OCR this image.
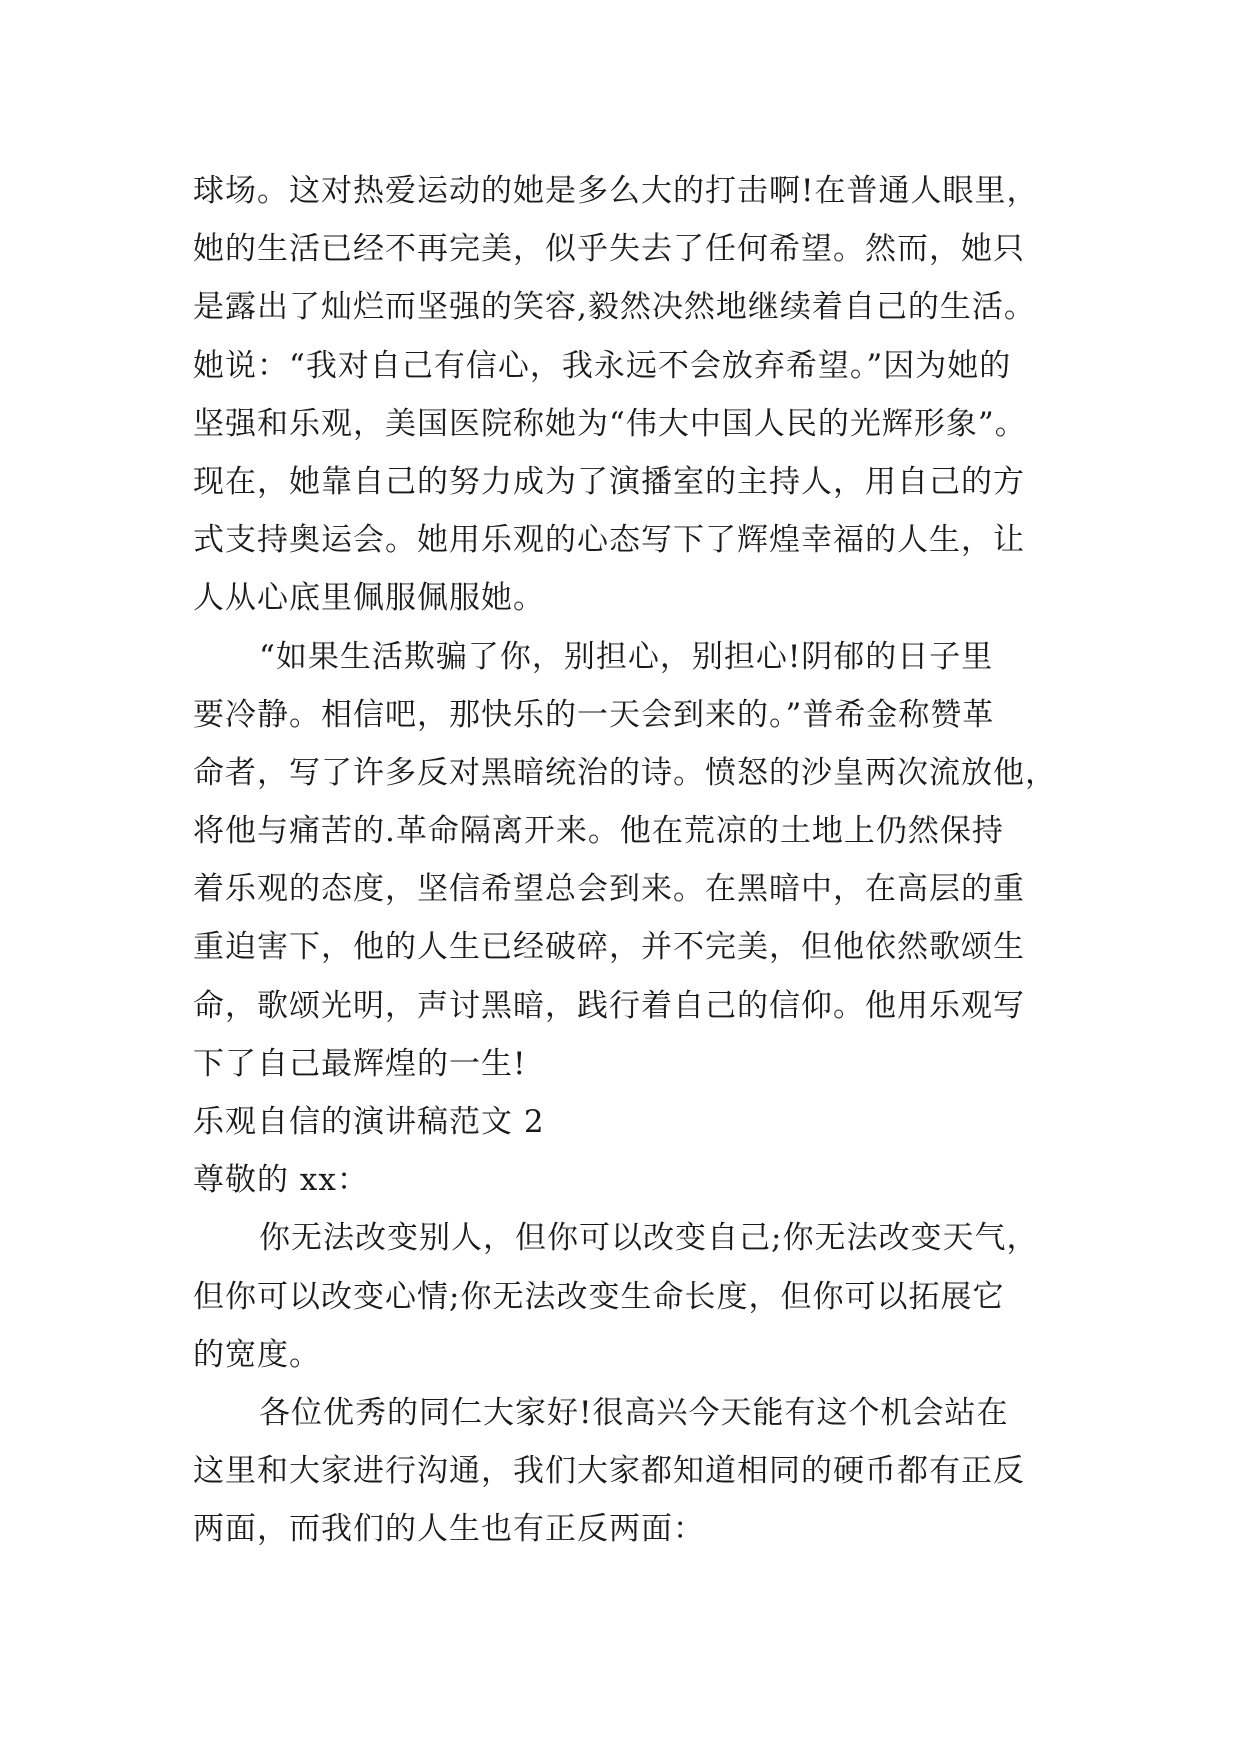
球场。这对热爱运动的她是多么大的打击啊!在普通人眼里，
她的生活已经不再完美，似乎失去了任何希望。然而，她只
是露出了灿烂而坚强的笑容,毅然决然地继续着自己的生活。
她说：“我对自己有信心，我永远不会放弃希望。”因为她的
坚强和乐观，美国医院称她为“伟大中国人民的光辉形象”。
现在，她靠自己的努力成为了演播室的主持人，用自己的方
式支持奥运会。她用乐观的心态写下了辉煌幸福的人生，让
人从心底里佩服佩服她。
“如果生活欺骗了你，别担心，别担心!阴郁的日子里
要冷静。相信吧，那快乐的一天会到来的。”普希金称赞革
命者，写了许多反对黑暗统治的诗。愤怒的沙皇两次流放他，
将他与痛苦的.革命隔离开来。他在荒凉的土地上仍然保持
着乐观的态度，坚信希望总会到来。在黑暗中，在高层的重
重迫害下，他的人生已经破碎，并不完美，但他依然歌颂生
命，歌颂光明，声讨黑暗，践行着自己的信仰。他用乐观写
下了自己最辉煌的一生!
乐观自信的演讲稿范文 2
尊敬的 xx：
你无法改变别人，但你可以改变自己;你无法改变天气，
但你可以改变心情;你无法改变生命长度，但你可以拓展它
的宽度。
各位优秀的同仁大家好!很高兴今天能有这个机会站在
这里和大家进行沟通，我们大家都知道相同的硬币都有正反
两面，而我们的人生也有正反两面：
